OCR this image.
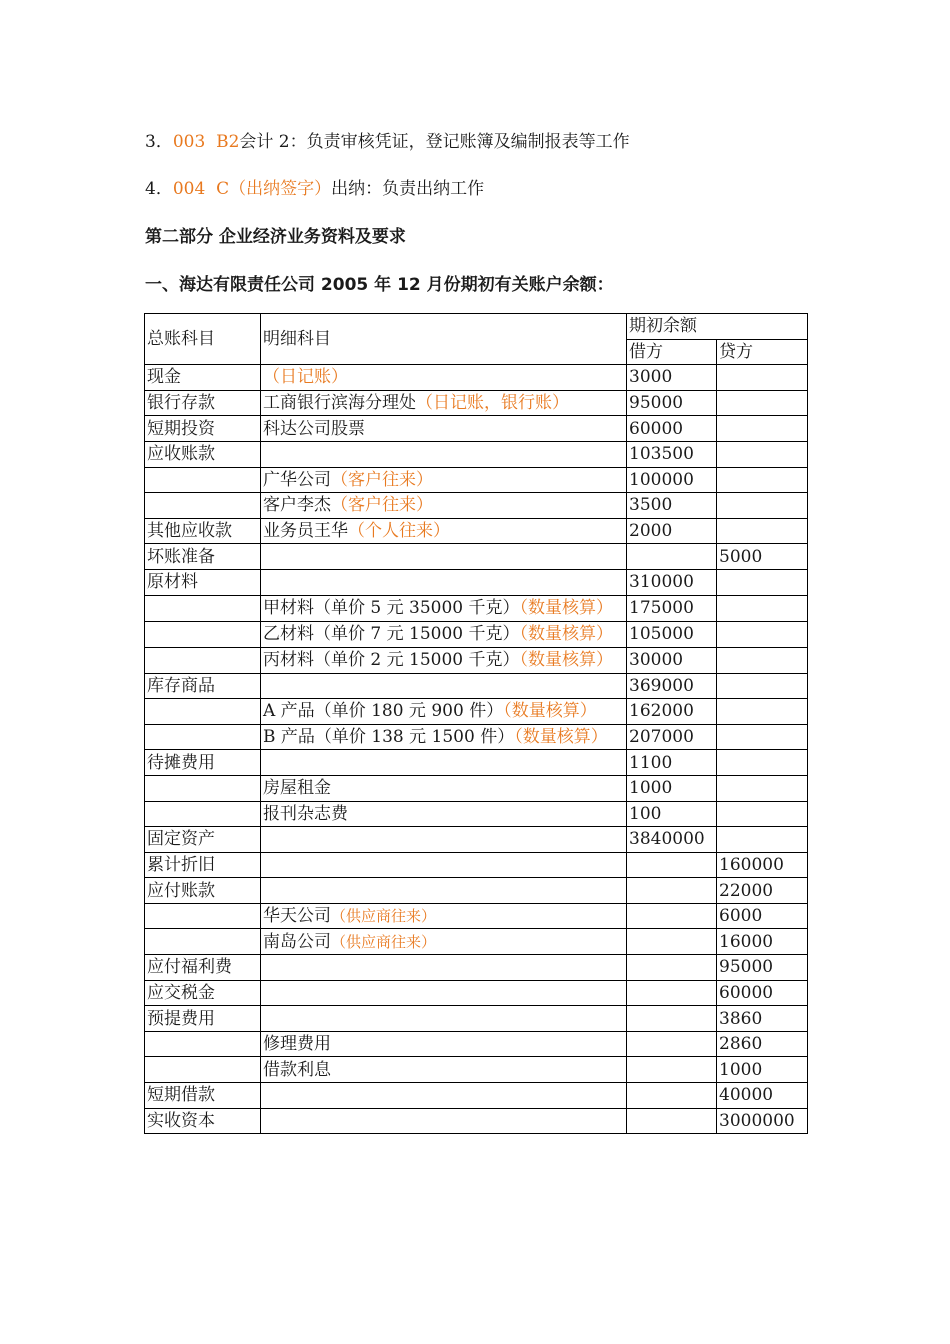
3．003 B2会计 2：负责审核凭证，登记账簿及编制报表等工作
4．004 C（出纳签字）出纳：负责出纳工作
第二部分 企业经济业务资料及要求
一、海达有限责任公司 2005 年 12 月份期初有关账户余额：
总账科目	明细科目	期初余额	
		借方	贷方
现金	（日记账）	3000	
银行存款	工商银行滨海分理处（日记账，银行账）	95000	
短期投资	科达公司股票	60000	
应收账款		103500	
	广华公司（客户往来）	100000	
	客户李杰（客户往来）	3500	
其他应收款	业务员王华（个人往来）	2000	
坏账准备			5000
原材料		310000	
	甲材料（单价 5 元 35000 千克）（数量核算）	175000	
	乙材料（单价 7 元 15000 千克）（数量核算）	105000	
	丙材料（单价 2 元 15000 千克）（数量核算）	30000	
库存商品		369000	
	A 产品（单价 180 元 900 件）（数量核算）	162000	
	B 产品（单价 138 元 1500 件）（数量核算）	207000	
待摊费用		1100	
	房屋租金	1000	
	报刊杂志费	100	
固定资产		3840000	
累计折旧			160000
应付账款			22000
	华天公司（供应商往来）		6000
	南岛公司（供应商往来）		16000
应付福利费			95000
应交税金			60000
预提费用			3860
	修理费用		2860
	借款利息		1000
短期借款			40000
实收资本			3000000
